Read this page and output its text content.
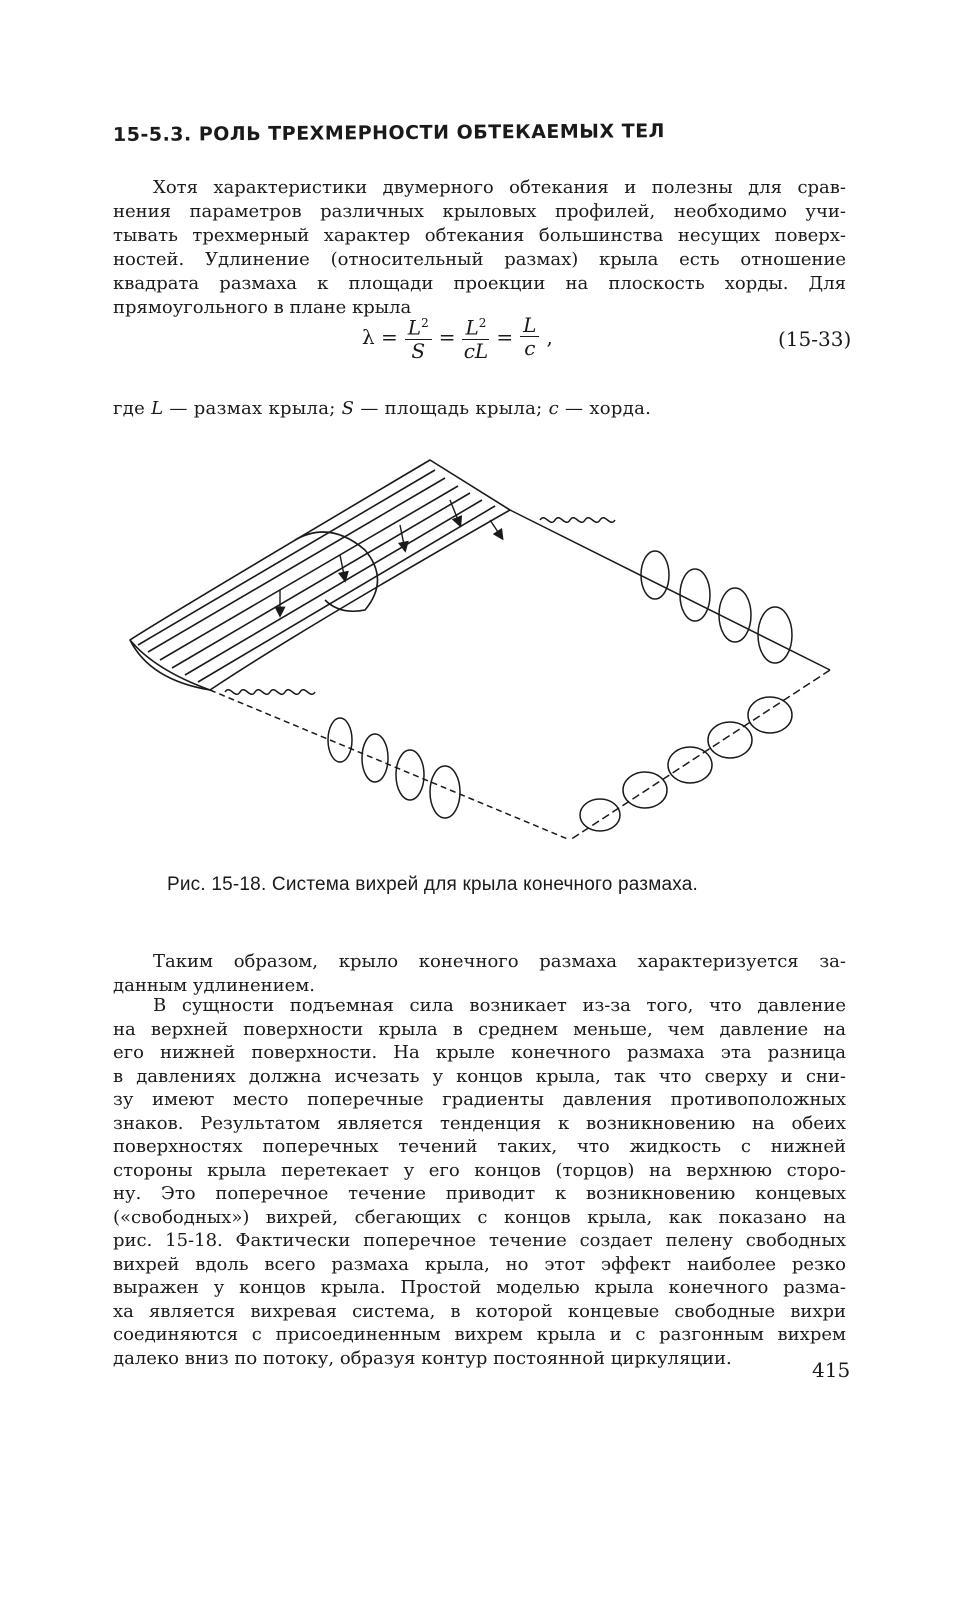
15-5.3. РОЛЬ ТРЕХМЕРНОСТИ ОБТЕКАЕМЫХ ТЕЛ
Хотя характеристики двумерного обтекания и полезны для срав-
нения параметров различных крыловых профилей, необходимо учи-
тывать трехмерный характер обтекания большинства несущих поверх-
ностей. Удлинение (относительный размах) крыла есть отношение
квадрата размаха к площади проекции на плоскость хорды. Для
прямоугольного в плане крыла
$\lambda = \frac{L^2}{S} = \frac{L^2}{cL} = \frac{L}{c}$ ,	(15-33)
где L — размах крыла; S — площадь крыла; c — хорда.
Рис. 15-18. Система вихрей для крыла конечного размаха.
Таким образом, крыло конечного размаха характеризуется за-
данным удлинением.
В сущности подъемная сила возникает из-за того, что давление
на верхней поверхности крыла в среднем меньше, чем давление на
его нижней поверхности. На крыле конечного размаха эта разница
в давлениях должна исчезать у концов крыла, так что сверху и сни-
зу имеют место поперечные градиенты давления противоположных
знаков. Результатом является тенденция к возникновению на обеих
поверхностях поперечных течений таких, что жидкость с нижней
стороны крыла перетекает у его концов (торцов) на верхнюю сторо-
ну. Это поперечное течение приводит к возникновению концевых
(«свободных») вихрей, сбегающих с концов крыла, как показано на
рис. 15-18. Фактически поперечное течение создает пелену свободных
вихрей вдоль всего размаха крыла, но этот эффект наиболее резко
выражен у концов крыла. Простой моделью крыла конечного разма-
ха является вихревая система, в которой концевые свободные вихри
соединяются с присоединенным вихрем крыла и с разгонным вихрем
далеко вниз по потоку, образуя контур постоянной циркуляции.	415
